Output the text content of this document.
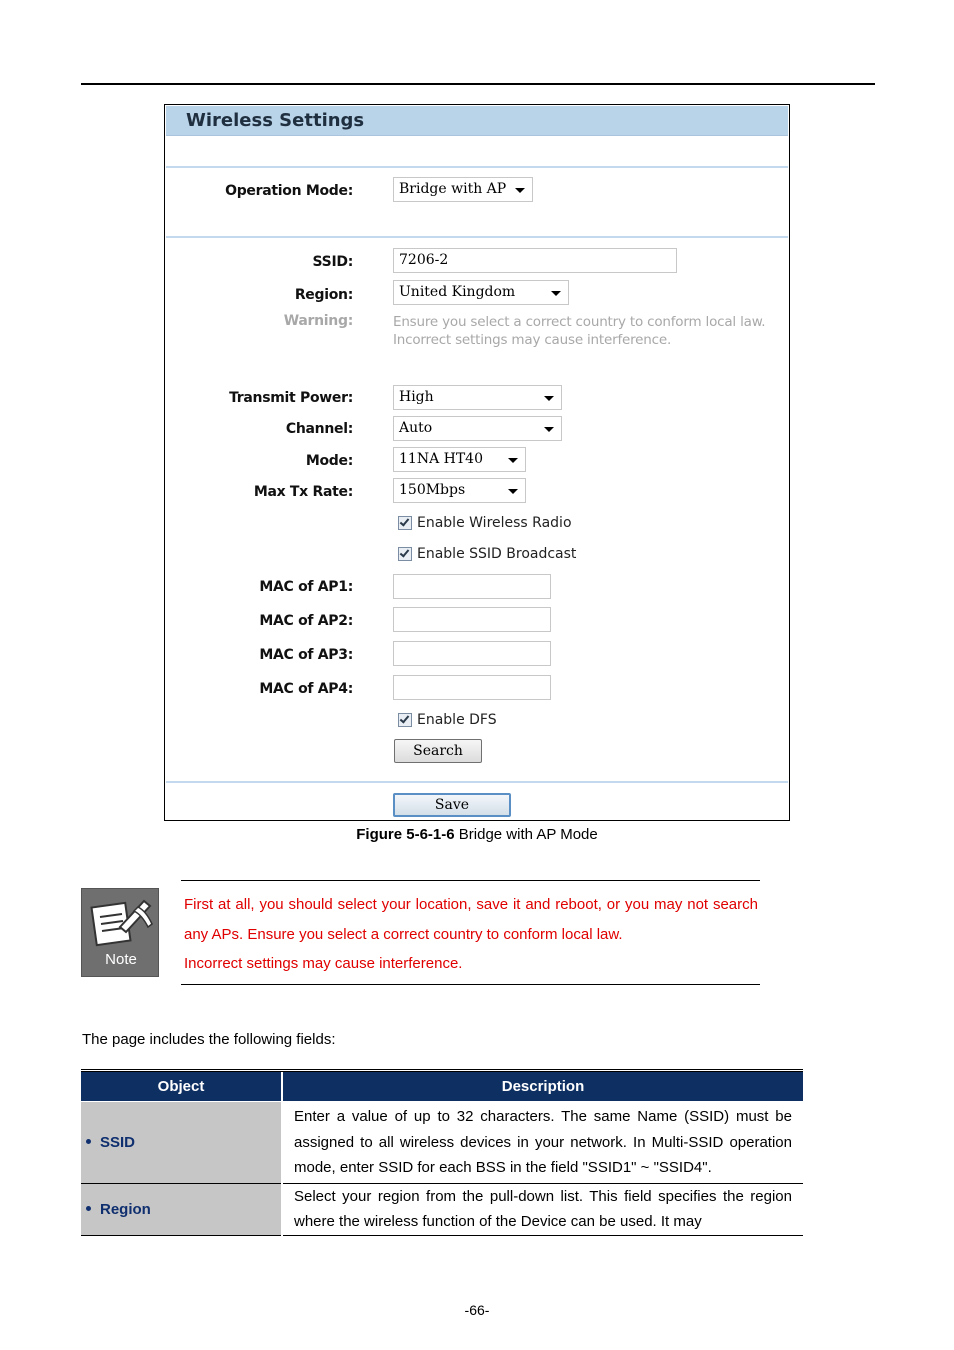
Wireless Settings
Operation Mode:	Bridge with AP
SSID:	7206-2
Region:	United Kingdom
Warning:	Ensure you select a correct country to conform local law.
Incorrect settings may cause interference.
Transmit Power:	High
Channel:	Auto
Mode:	11NA HT40
Max Tx Rate:	150Mbps
Enable Wireless Radio
Enable SSID Broadcast
MAC of AP1:
MAC of AP2:
MAC of AP3:
MAC of AP4:
Enable DFS
Search
Save
Figure 5-6-1-6 Bridge with AP Mode
Note

First at all, you should select your location, save it and reboot, or you may not search any APs. Ensure you select a correct country to conform local law.

Incorrect settings may cause interference.

The page includes the following fields:
Object	Description
SSID	Enter a value of up to 32 characters. The same Name (SSID) must be assigned to all wireless devices in your network. In Multi-SSID operation mode, enter SSID for each BSS in the field "SSID1" ~ "SSID4".
Region	Select your region from the pull-down list. This field specifies the region where the wireless function of the Device can be used. It may
-66-
